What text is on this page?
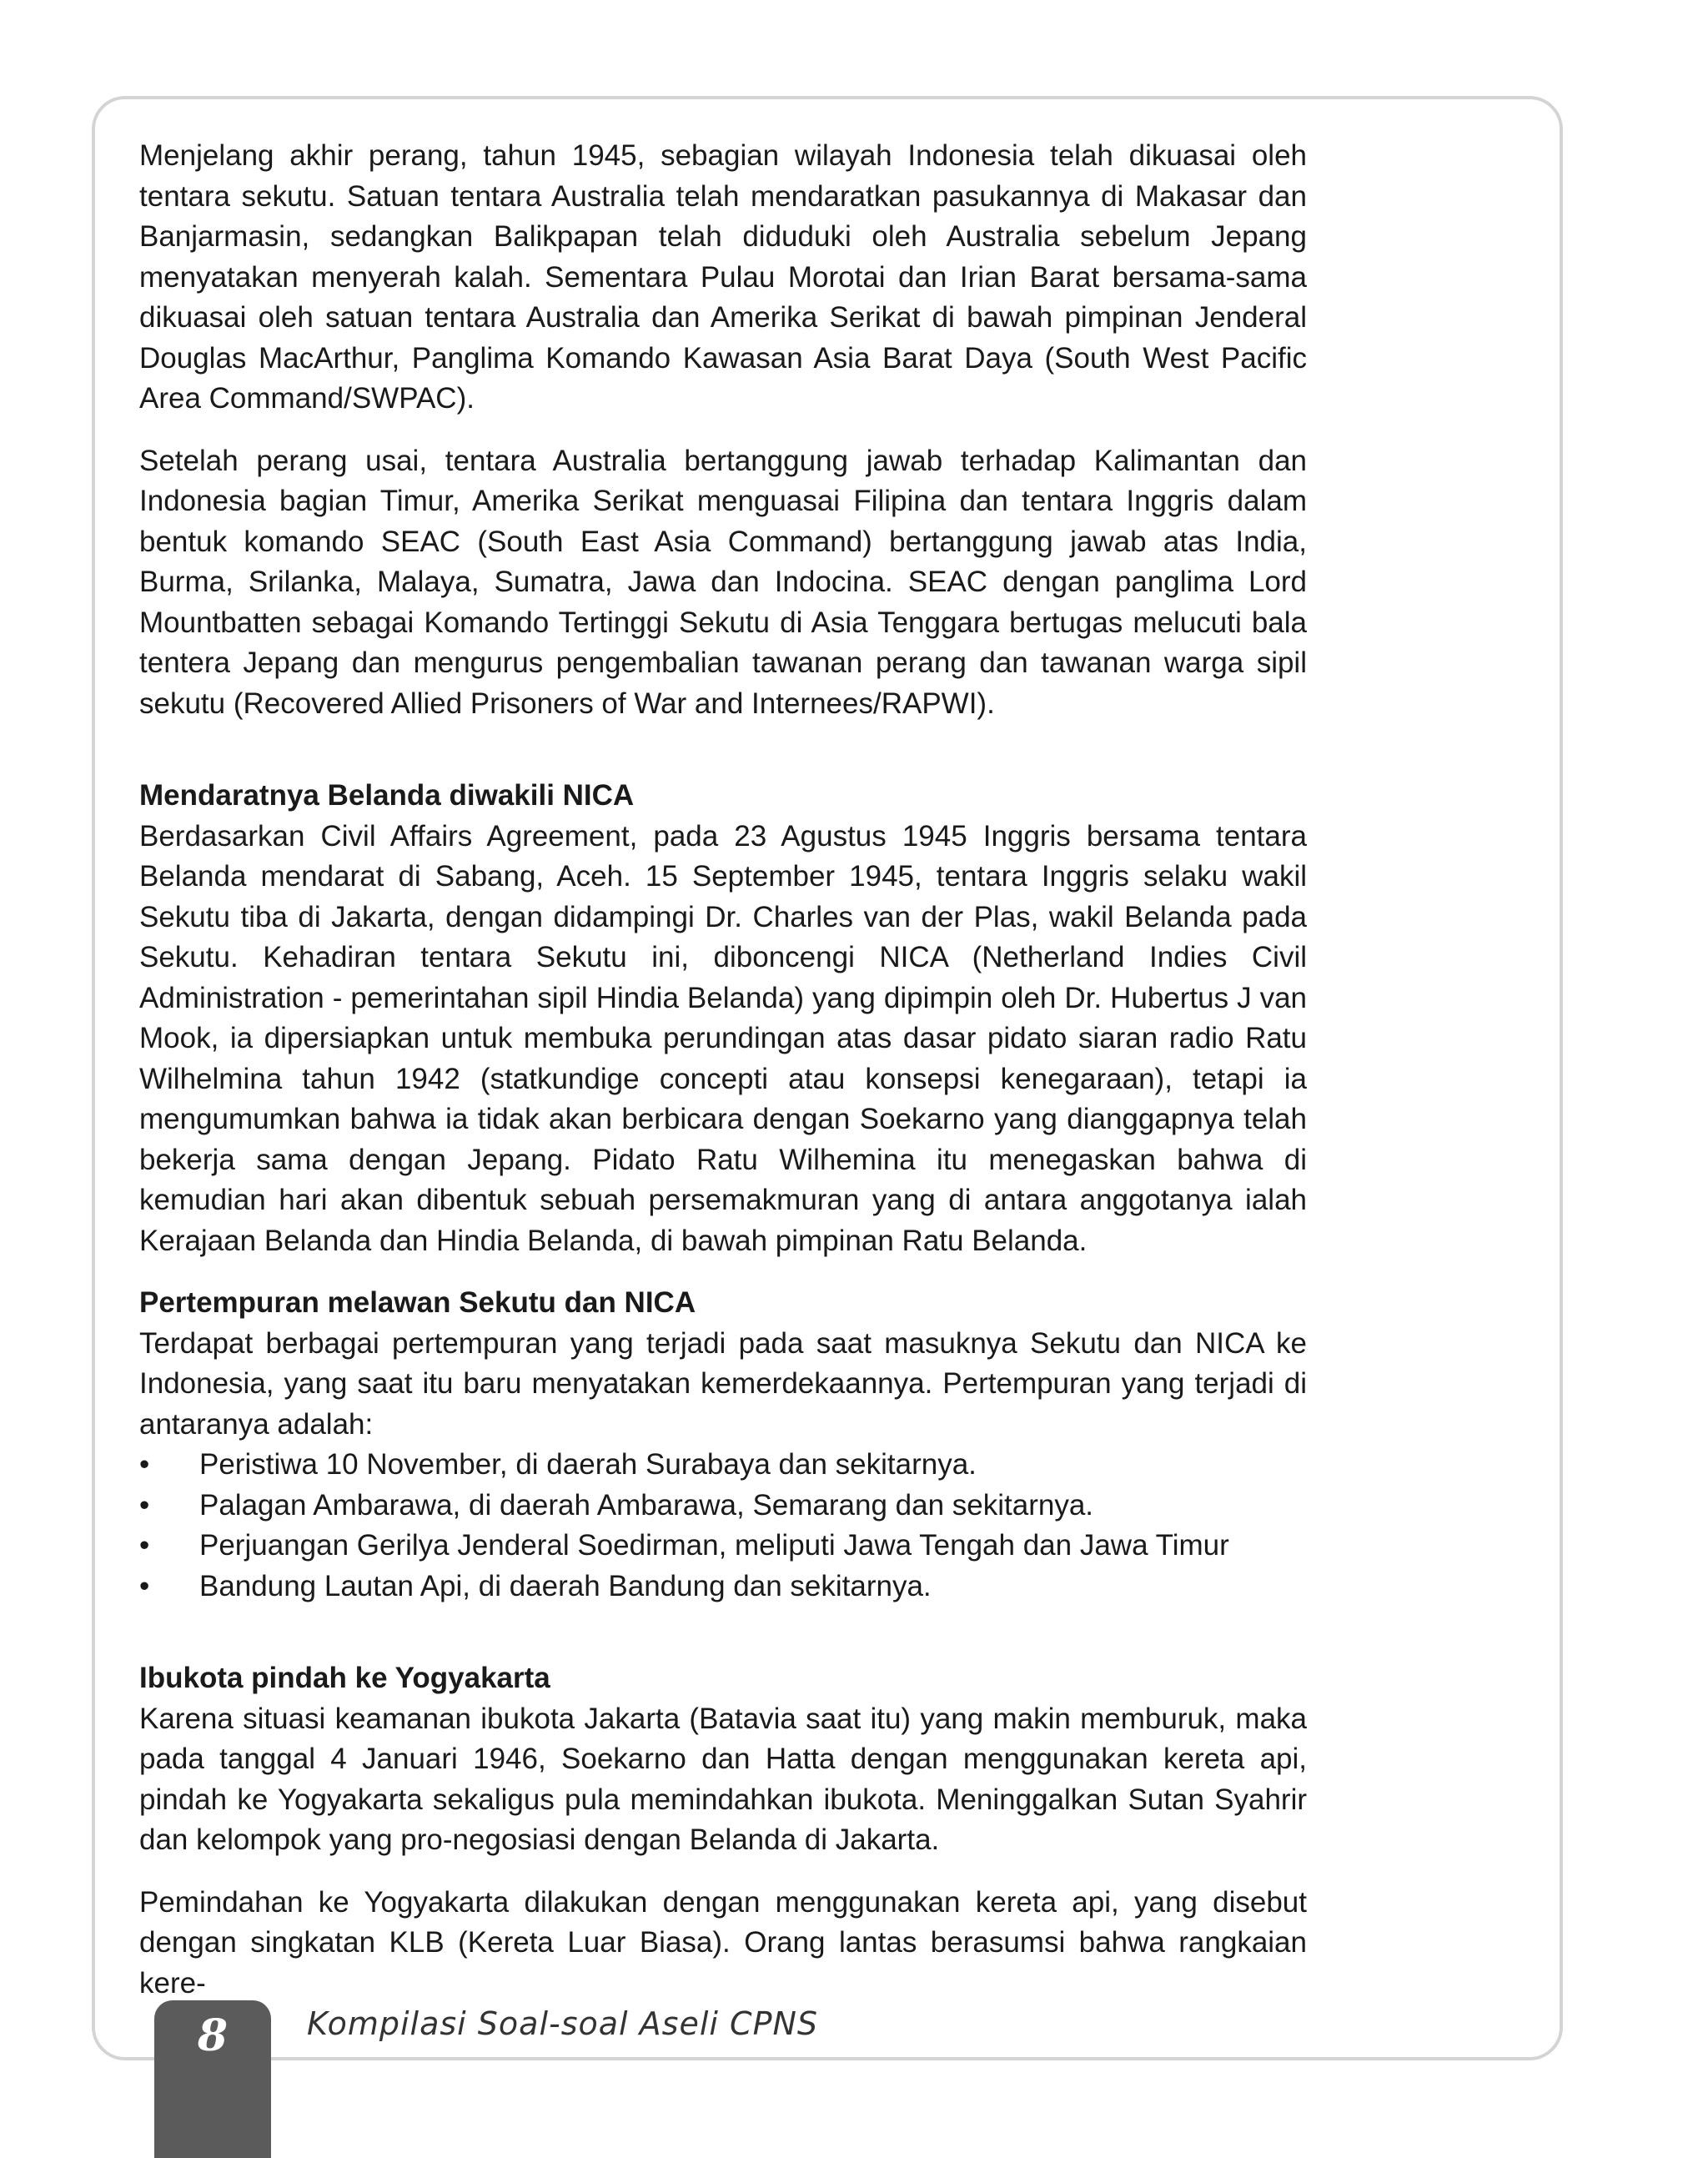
Menjelang akhir perang, tahun 1945, sebagian wilayah Indonesia telah dikuasai oleh tentara sekutu. Satuan tentara Australia telah mendaratkan pasukannya di Makasar dan Banjarmasin, sedangkan Balikpapan telah diduduki oleh Australia sebelum Jepang menyatakan menyerah kalah. Sementara Pulau Morotai dan Irian Barat bersama-sama dikuasai oleh satuan tentara Australia dan Amerika Serikat di bawah pimpinan Jenderal Douglas MacArthur, Panglima Komando Kawasan Asia Barat Daya (South West Pacific Area Command/SWPAC).

Setelah perang usai, tentara Australia bertanggung jawab terhadap Kalimantan dan Indonesia bagian Timur, Amerika Serikat menguasai Filipina dan tentara Inggris dalam bentuk komando SEAC (South East Asia Command) bertanggung jawab atas India, Burma, Srilanka, Malaya, Sumatra, Jawa dan Indocina. SEAC dengan panglima Lord Mountbatten sebagai Komando Tertinggi Sekutu di Asia Tenggara bertugas melucuti bala tentera Jepang dan mengurus pengembalian tawanan perang dan tawanan warga sipil sekutu (Recovered Allied Prisoners of War and Internees/RAPWI).

Mendaratnya Belanda diwakili NICA

Berdasarkan Civil Affairs Agreement, pada 23 Agustus 1945 Inggris bersama tentara Belanda mendarat di Sabang, Aceh. 15 September 1945, tentara Inggris selaku wakil Sekutu tiba di Jakarta, dengan didampingi Dr. Charles van der Plas, wakil Belanda pada Sekutu. Kehadiran tentara Sekutu ini, diboncengi NICA (Netherland Indies Civil Administration - pemerintahan sipil Hindia Belanda) yang dipimpin oleh Dr. Hubertus J van Mook, ia dipersiapkan untuk membuka perundingan atas dasar pidato siaran radio Ratu Wilhelmina tahun 1942 (statkundige concepti atau konsepsi kenegaraan), tetapi ia mengumumkan bahwa ia tidak akan berbicara dengan Soekarno yang dianggapnya telah bekerja sama dengan Jepang. Pidato Ratu Wilhemina itu menegaskan bahwa di kemudian hari akan dibentuk sebuah persemakmuran yang di antara anggotanya ialah Kerajaan Belanda dan Hindia Belanda, di bawah pimpinan Ratu Belanda.

Pertempuran melawan Sekutu dan NICA

Terdapat berbagai pertempuran yang terjadi pada saat masuknya Sekutu dan NICA ke Indonesia, yang saat itu baru menyatakan kemerdekaannya. Pertempuran yang terjadi di antaranya adalah:

• Peristiwa 10 November, di daerah Surabaya dan sekitarnya.
• Palagan Ambarawa, di daerah Ambarawa, Semarang dan sekitarnya.
• Perjuangan Gerilya Jenderal Soedirman, meliputi Jawa Tengah dan Jawa Timur
• Bandung Lautan Api, di daerah Bandung dan sekitarnya.
Ibukota pindah ke Yogyakarta

Karena situasi keamanan ibukota Jakarta (Batavia saat itu) yang makin memburuk, maka pada tanggal 4 Januari 1946, Soekarno dan Hatta dengan menggunakan kereta api, pindah ke Yogyakarta sekaligus pula memindahkan ibukota. Meninggalkan Sutan Syahrir dan kelompok yang pro-negosiasi dengan Belanda di Jakarta.

Pemindahan ke Yogyakarta dilakukan dengan menggunakan kereta api, yang disebut dengan singkatan KLB (Kereta Luar Biasa). Orang lantas berasumsi bahwa rangkaian kere-

8	Kompilasi Soal-soal Aseli CPNS
